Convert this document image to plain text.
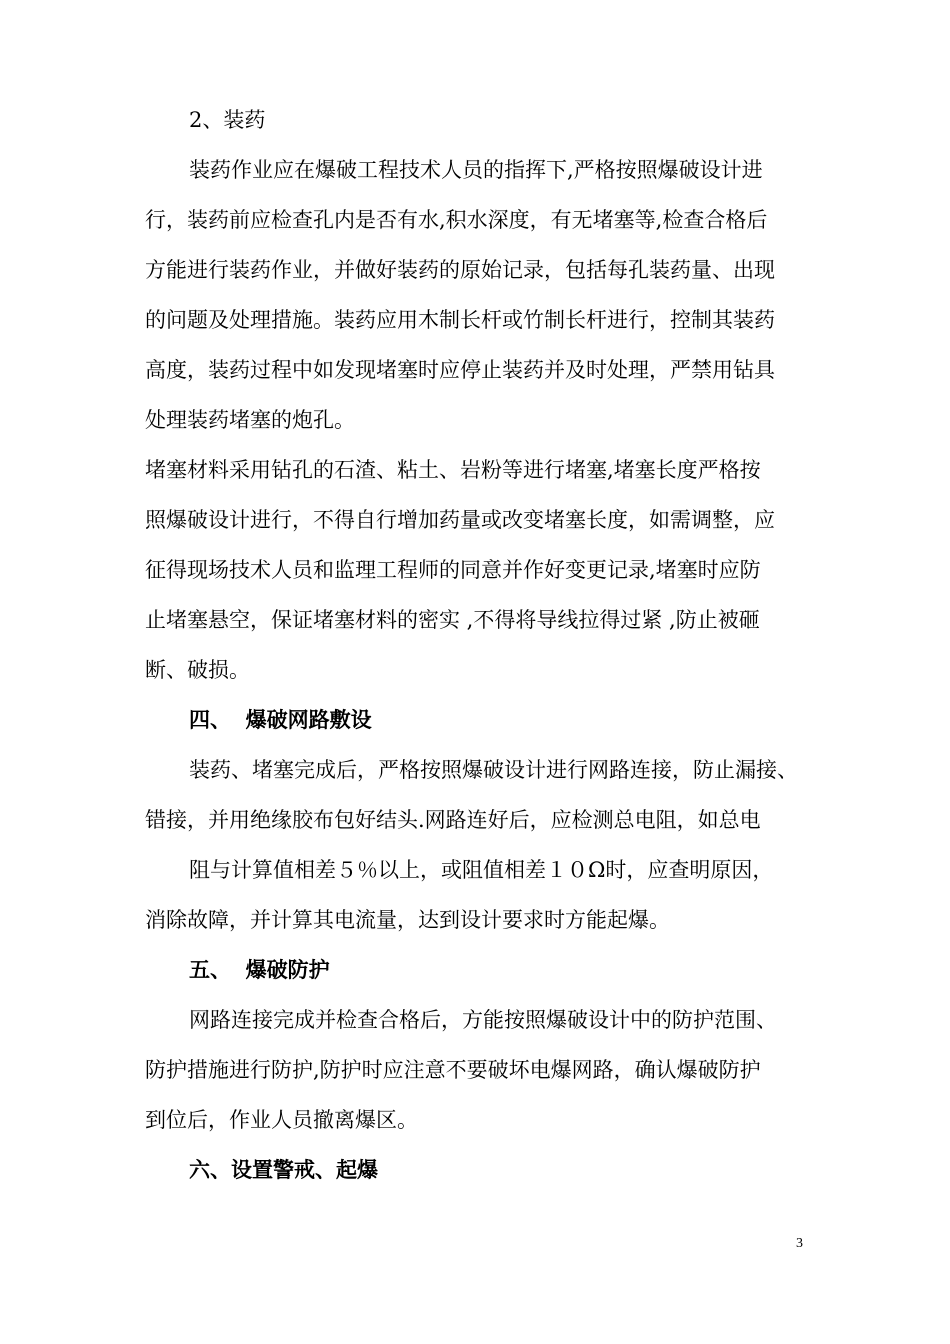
2、装药
装药作业应在爆破工程技术人员的指挥下,严格按照爆破设计进
行，装药前应检查孔内是否有水,积水深度，有无堵塞等,检查合格后
方能进行装药作业，并做好装药的原始记录，包括每孔装药量、出现
的问题及处理措施。装药应用木制长杆或竹制长杆进行，控制其装药
高度，装药过程中如发现堵塞时应停止装药并及时处理，严禁用钻具
处理装药堵塞的炮孔。
堵塞材料采用钻孔的石渣、粘土、岩粉等进行堵塞,堵塞长度严格按
照爆破设计进行，不得自行增加药量或改变堵塞长度，如需调整，应
征得现场技术人员和监理工程师的同意并作好变更记录,堵塞时应防
止堵塞悬空，保证堵塞材料的密实 ,不得将导线拉得过紧 ,防止被砸
断、破损。
四、  爆破网路敷设
装药、堵塞完成后，严格按照爆破设计进行网路连接，防止漏接、
错接，并用绝缘胶布包好结头.网路连好后，应检测总电阻，如总电
阻与计算值相差５％以上，或阻值相差１０Ω时，应查明原因，
消除故障，并计算其电流量，达到设计要求时方能起爆。
五、  爆破防护
网路连接完成并检查合格后，方能按照爆破设计中的防护范围、
防护措施进行防护,防护时应注意不要破坏电爆网路，确认爆破防护
到位后，作业人员撤离爆区。
六、设置警戒、起爆
3
